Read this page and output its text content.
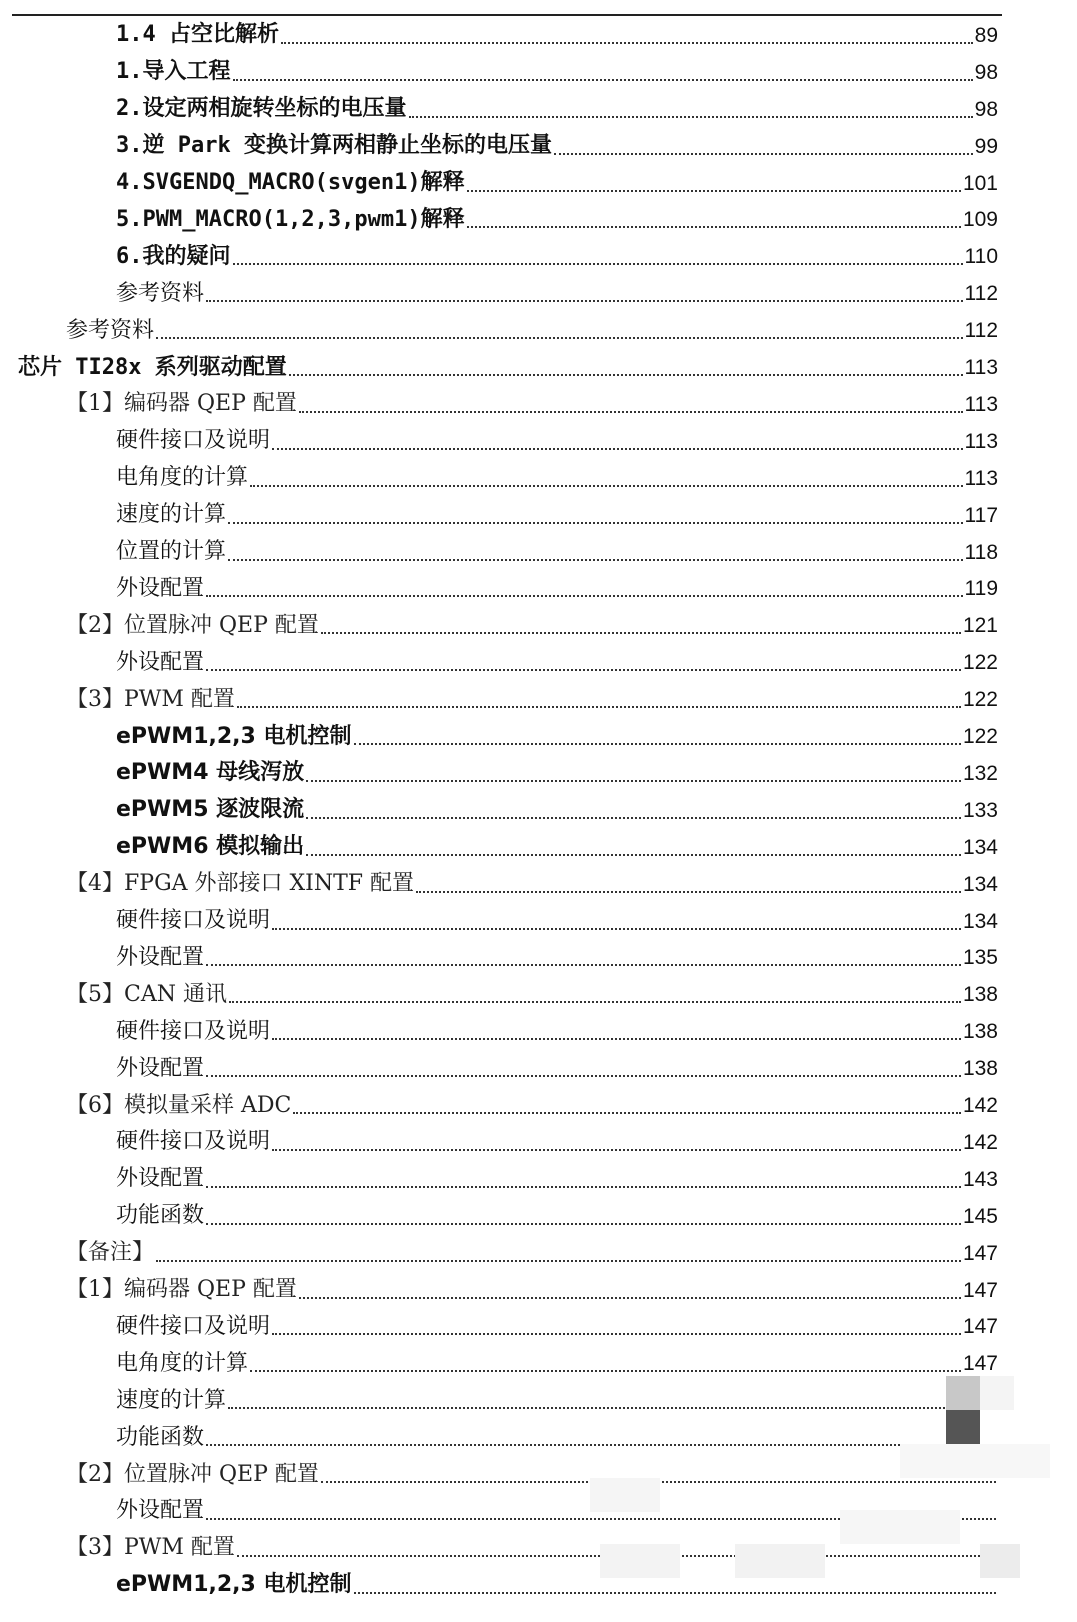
1.4 占空比解析	89
1.导入工程	98
2.设定两相旋转坐标的电压量	98
3.逆 Park 变换计算两相静止坐标的电压量	99
4.SVGENDQ_MACRO(svgen1)解释	101
5.PWM_MACRO(1,2,3,pwm1)解释	109
6.我的疑问	110
参考资料	112
参考资料	112
芯片 TI28x 系列驱动配置	113
【1】编码器 QEP 配置	113
硬件接口及说明	113
电角度的计算	113
速度的计算	117
位置的计算	118
外设配置	119
【2】位置脉冲 QEP 配置	121
外设配置	122
【3】PWM 配置	122
ePWM1,2,3 电机控制	122
ePWM4 母线泻放	132
ePWM5 逐波限流	133
ePWM6 模拟输出	134
【4】FPGA 外部接口 XINTF 配置	134
硬件接口及说明	134
外设配置	135
【5】CAN 通讯	138
硬件接口及说明	138
外设配置	138
【6】模拟量采样 ADC	142
硬件接口及说明	142
外设配置	143
功能函数	145
【备注】	147
【1】编码器 QEP 配置	147
硬件接口及说明	147
电角度的计算	147
速度的计算
功能函数
【2】位置脉冲 QEP 配置
外设配置
【3】PWM 配置
ePWM1,2,3 电机控制
